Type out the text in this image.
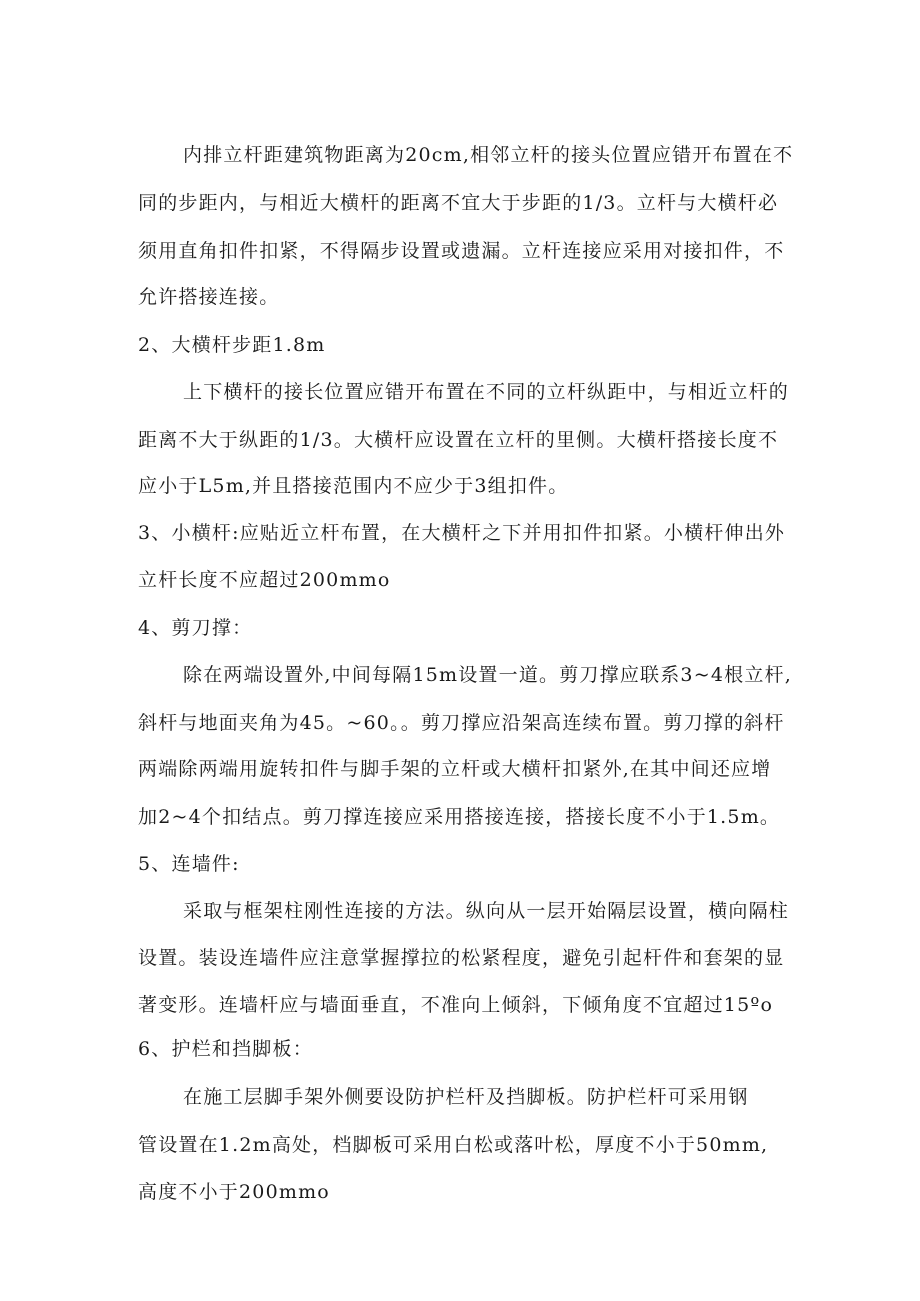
内排立杆距建筑物距离为20cm,相邻立杆的接头位置应错开布置在不
同的步距内，与相近大横杆的距离不宜大于步距的1/3。立杆与大横杆必
须用直角扣件扣紧，不得隔步设置或遗漏。立杆连接应采用对接扣件，不
允许搭接连接。
2、大横杆步距1.8m
上下横杆的接长位置应错开布置在不同的立杆纵距中，与相近立杆的
距离不大于纵距的1/3。大横杆应设置在立杆的里侧。大横杆搭接长度不
应小于L5m,并且搭接范围内不应少于3组扣件。
3、小横杆:应贴近立杆布置，在大横杆之下并用扣件扣紧。小横杆伸出外
立杆长度不应超过200mmo
4、剪刀撑：
除在两端设置外,中间每隔15m设置一道。剪刀撑应联系3~4根立杆,
斜杆与地面夹角为45。~60。。剪刀撑应沿架高连续布置。剪刀撑的斜杆
两端除两端用旋转扣件与脚手架的立杆或大横杆扣紧外,在其中间还应增
加2~4个扣结点。剪刀撑连接应采用搭接连接，搭接长度不小于1.5m。
5、连墙件:
采取与框架柱刚性连接的方法。纵向从一层开始隔层设置，横向隔柱
设置。装设连墙件应注意掌握撑拉的松紧程度，避免引起杆件和套架的显
著变形。连墙杆应与墙面垂直，不准向上倾斜，下倾角度不宜超过15ºo
6、护栏和挡脚板：
在施工层脚手架外侧要设防护栏杆及挡脚板。防护栏杆可采用钢
管设置在1.2m高处，档脚板可采用白松或落叶松，厚度不小于50mm,
高度不小于200mmo
